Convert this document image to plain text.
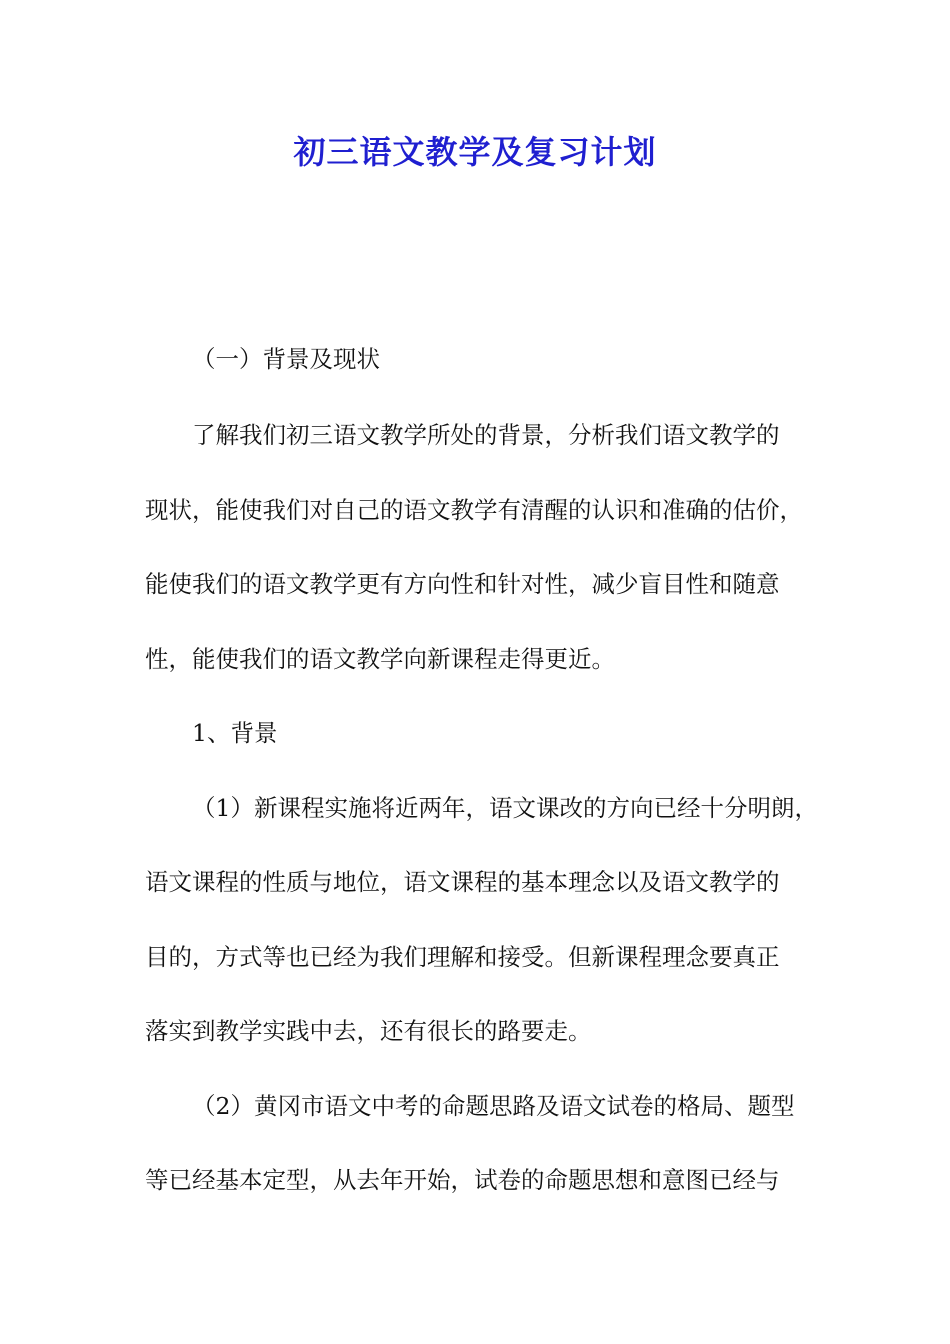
初三语文教学及复习计划
（一）背景及现状
了解我们初三语文教学所处的背景，分析我们语文教学的
现状，能使我们对自己的语文教学有清醒的认识和准确的估价，
能使我们的语文教学更有方向性和针对性，减少盲目性和随意
性，能使我们的语文教学向新课程走得更近。
1、背景
（1）新课程实施将近两年，语文课改的方向已经十分明朗，
语文课程的性质与地位，语文课程的基本理念以及语文教学的
目的，方式等也已经为我们理解和接受。但新课程理念要真正
落实到教学实践中去，还有很长的路要走。
（2）黄冈市语文中考的命题思路及语文试卷的格局、题型
等已经基本定型，从去年开始，试卷的命题思想和意图已经与
